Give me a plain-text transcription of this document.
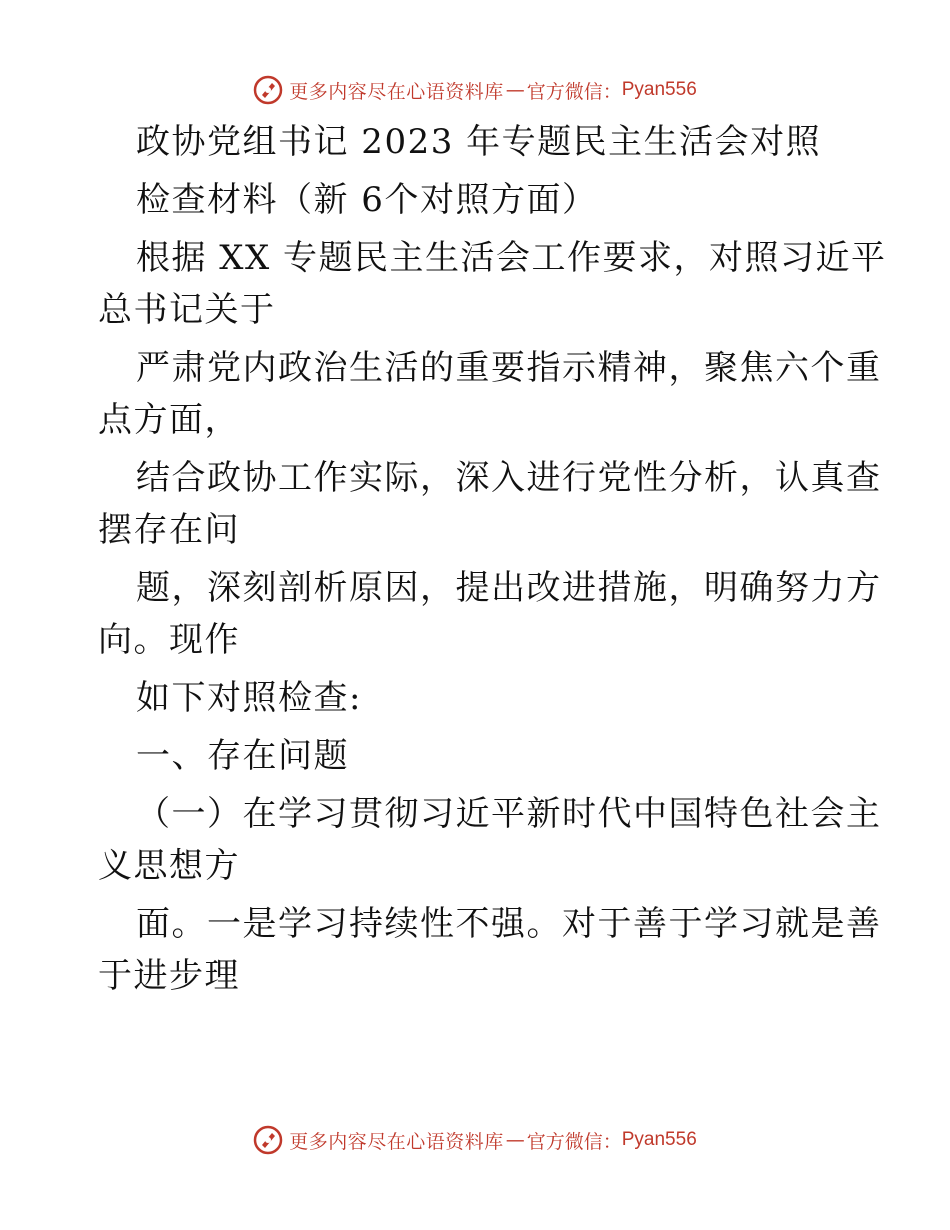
更多内容尽在心语资料库 — 官方微信： Pyan556
政协党组书记 2023 年专题民主生活会对照
检查材料（新 6个对照方面）
根据 XX 专题民主生活会工作要求，对照习近平
总书记关于
严肃党内政治生活的重要指示精神，聚焦六个重
点方面，
结合政协工作实际，深入进行党性分析，认真查
摆存在问
题，深刻剖析原因，提出改进措施，明确努力方
向。现作
如下对照检查:
一、存在问题
（一）在学习贯彻习近平新时代中国特色社会主
义思想方
面。一是学习持续性不强。对于善于学习就是善
于进步理
更多内容尽在心语资料库 — 官方微信： Pyan556
